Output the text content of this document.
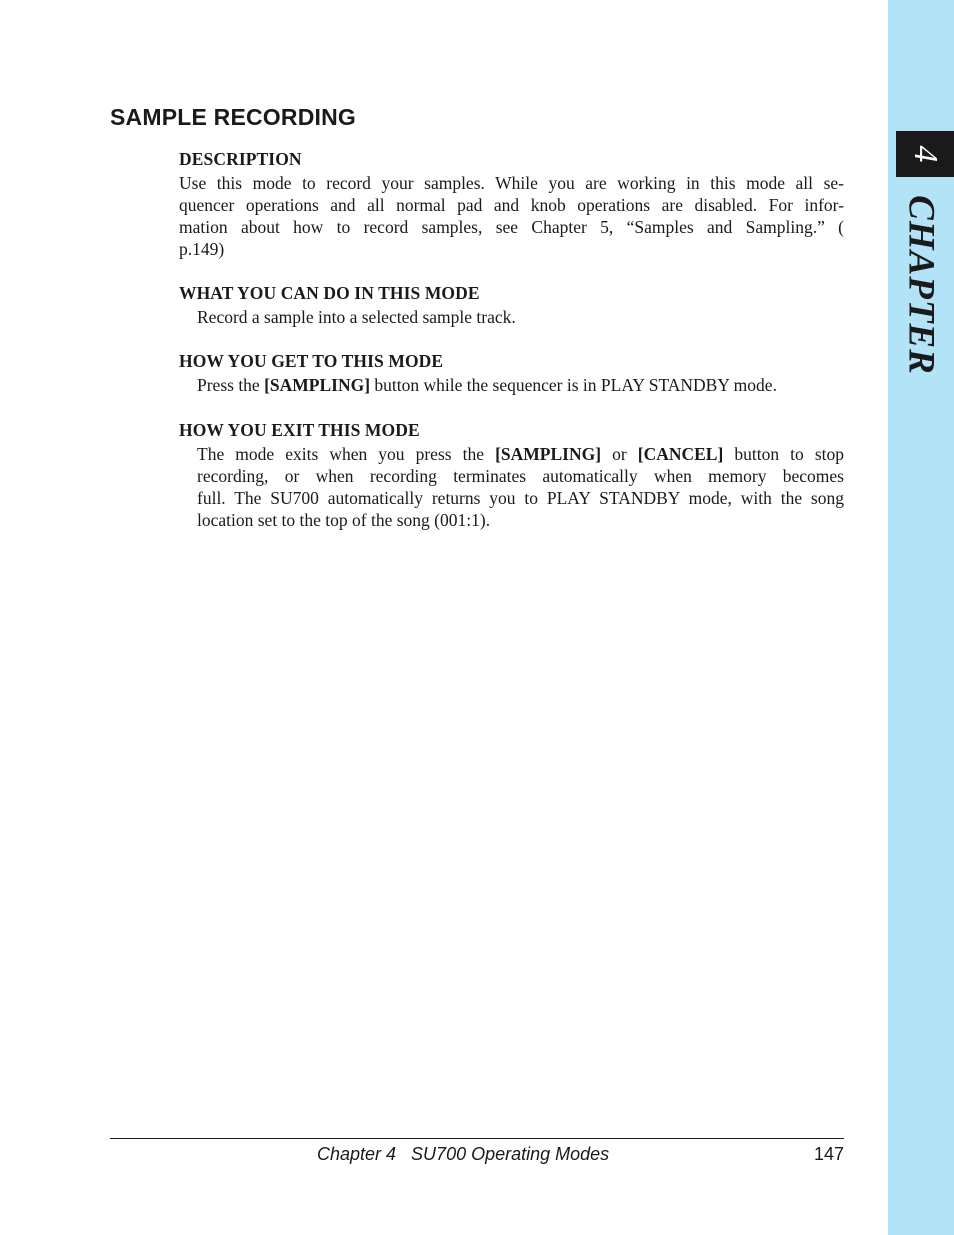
4
CHAPTER
SAMPLE RECORDING
DESCRIPTION

Use this mode to record your samples. While you are working in this mode all se-
quencer operations and all normal pad and knob operations are disabled. For infor-
mation about how to record samples, see Chapter 5, “Samples and Sampling.” (
p.149)

WHAT YOU CAN DO IN THIS MODE

Record a sample into a selected sample track.

HOW YOU GET TO THIS MODE

Press the [SAMPLING] button while the sequencer is in PLAY STANDBY mode.

HOW YOU EXIT THIS MODE

The mode exits when you press the [SAMPLING] or [CANCEL] button to stop
recording, or when recording terminates automatically when memory becomes
full. The SU700 automatically returns you to PLAY STANDBY mode, with the song
location set to the top of the song (001:1).

Chapter 4   SU700 Operating Modes	147
